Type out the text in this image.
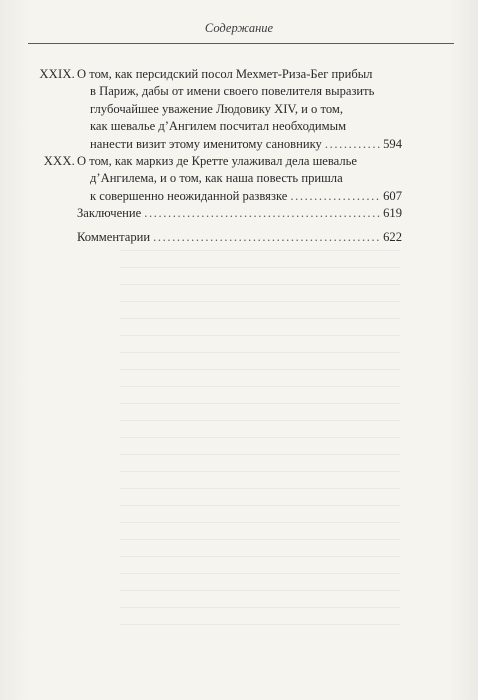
Содержание
XXIX. О том, как персидский посол Мехмет-Риза-Бег прибыл
в Париж, дабы от имени своего повелителя выразить
глубочайшее уважение Людовику XIV, и о том,
как шевалье д’Ангилем посчитал необходимым
нанести визит этому именитому сановнику .....	594
XXX. О том, как маркиз де Кретте улаживал дела шевалье
д’Ангилема, и о том, как наша повесть пришла
к совершенно неожиданной развязке .....	607
Заключение .....	619
Комментарии .....	622
